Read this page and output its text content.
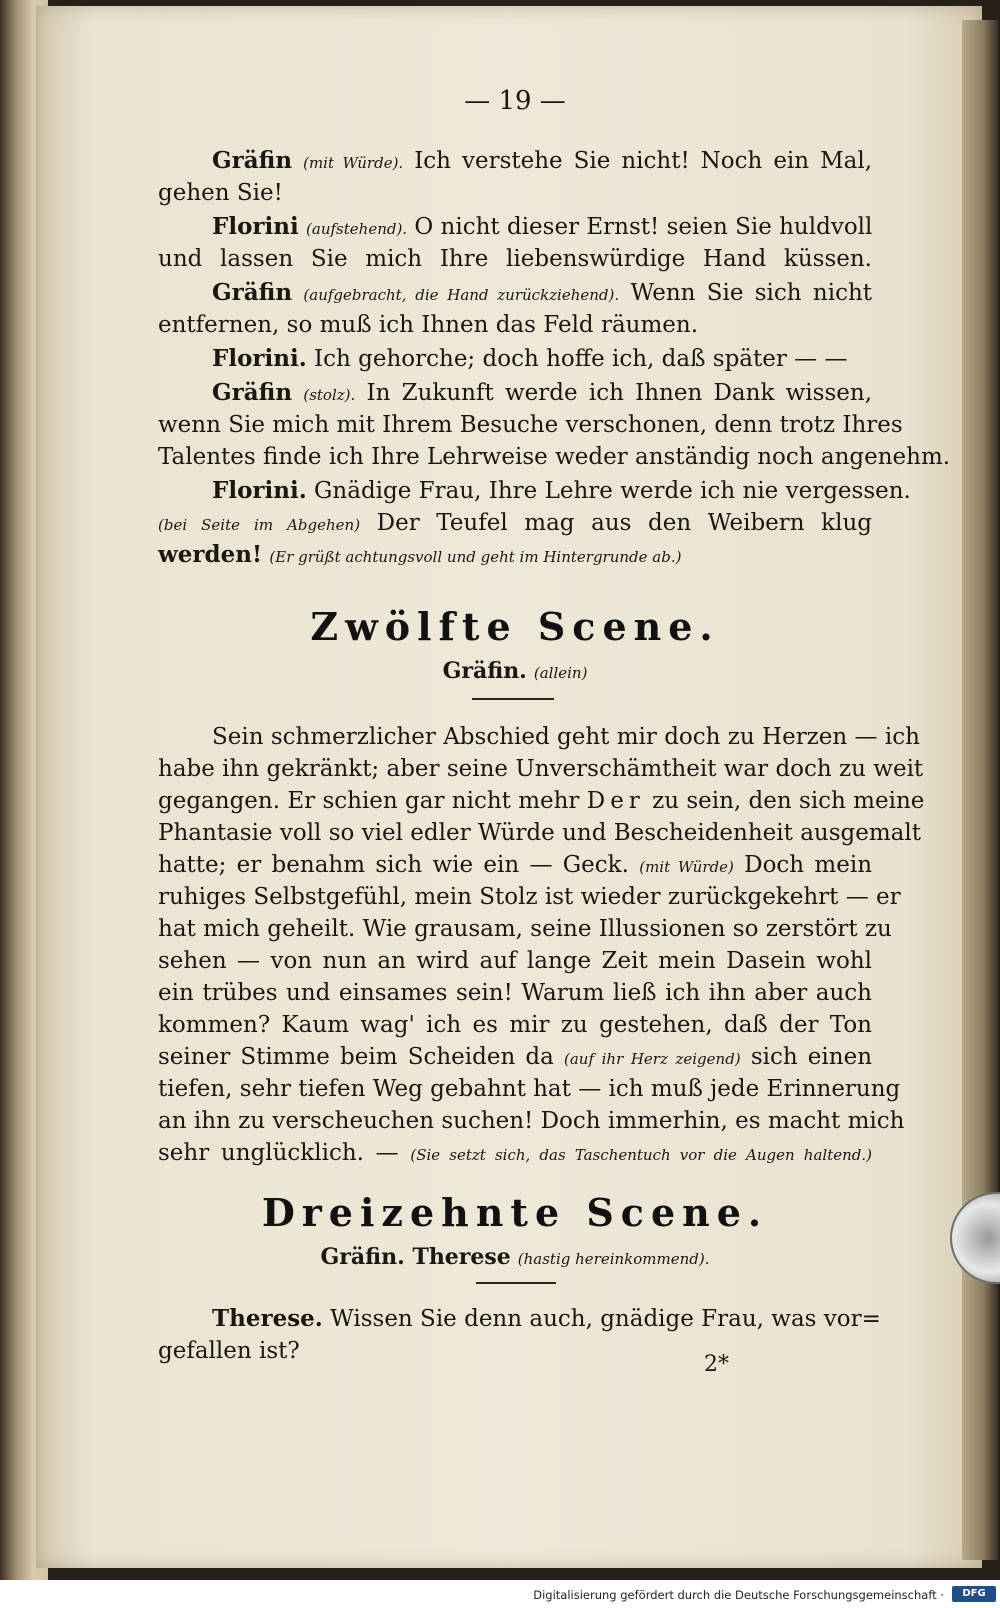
— 19 —
Gräfin (mit Würde). Ich verstehe Sie nicht! Noch ein Mal,
gehen Sie!
Florini (aufstehend). O nicht dieser Ernst! seien Sie huldvoll
und lassen Sie mich Ihre liebenswürdige Hand küssen.
Gräfin (aufgebracht, die Hand zurückziehend). Wenn Sie sich nicht
entfernen, so muß ich Ihnen das Feld räumen.
Florini. Ich gehorche; doch hoffe ich, daß später — —
Gräfin (stolz). In Zukunft werde ich Ihnen Dank wissen,
wenn Sie mich mit Ihrem Besuche verschonen, denn trotz Ihres
Talentes finde ich Ihre Lehrweise weder anständig noch angenehm.
Florini. Gnädige Frau, Ihre Lehre werde ich nie vergessen.
(bei Seite im Abgehen) Der Teufel mag aus den Weibern klug
werden! (Er grüßt achtungsvoll und geht im Hintergrunde ab.)
Zwölfte Scene.
Gräfin. (allein)
Sein schmerzlicher Abschied geht mir doch zu Herzen — ich
habe ihn gekränkt; aber seine Unverschämtheit war doch zu weit
gegangen. Er schien gar nicht mehr Der zu sein, den sich meine
Phantasie voll so viel edler Würde und Bescheidenheit ausgemalt
hatte; er benahm sich wie ein — Geck. (mit Würde) Doch mein
ruhiges Selbstgefühl, mein Stolz ist wieder zurückgekehrt — er
hat mich geheilt. Wie grausam, seine Illussionen so zerstört zu
sehen — von nun an wird auf lange Zeit mein Dasein wohl
ein trübes und einsames sein! Warum ließ ich ihn aber auch
kommen? Kaum wag' ich es mir zu gestehen, daß der Ton
seiner Stimme beim Scheiden da (auf ihr Herz zeigend) sich einen
tiefen, sehr tiefen Weg gebahnt hat — ich muß jede Erinnerung
an ihn zu verscheuchen suchen! Doch immerhin, es macht mich
sehr unglücklich. — (Sie setzt sich, das Taschentuch vor die Augen haltend.)
Dreizehnte Scene.
Gräfin. Therese (hastig hereinkommend).
Therese. Wissen Sie denn auch, gnädige Frau, was vor=
gefallen ist?
2*
Digitalisierung gefördert durch die Deutsche Forschungsgemeinschaft ·	DFG
